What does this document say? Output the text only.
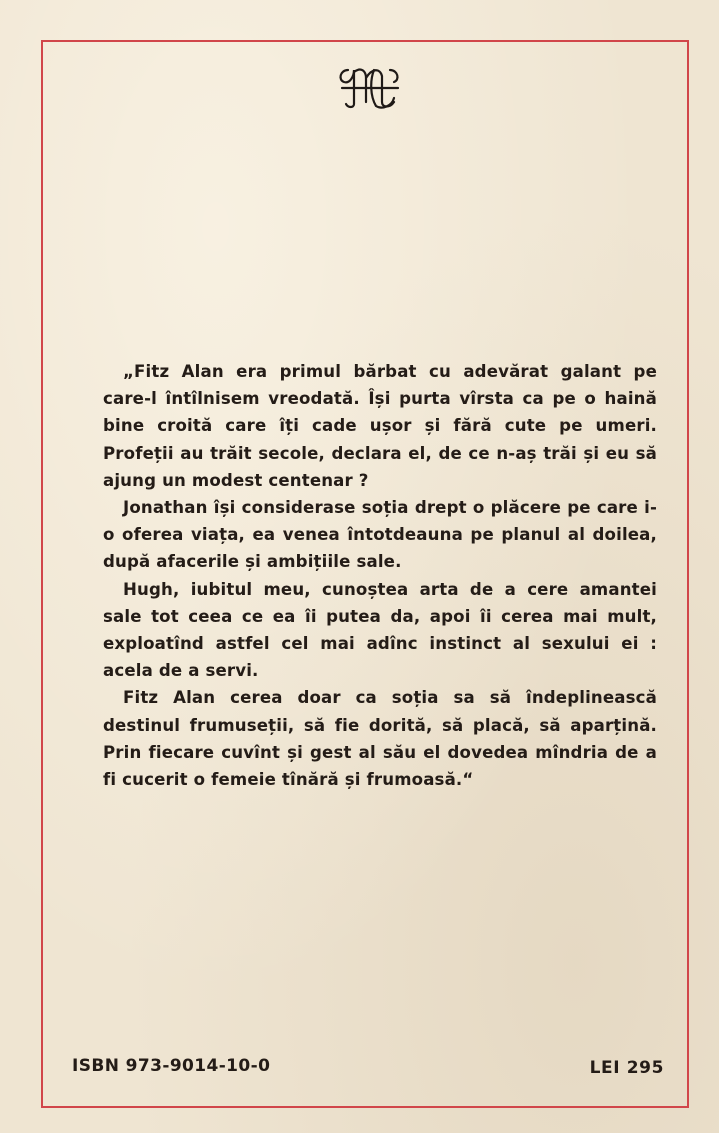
„Fitz Alan era primul bărbat cu adevărat galant pe care-l întîlnisem vreodată. Își purta vîrsta ca pe o haină bine croită care îți cade ușor și fără cute pe umeri. Profeții au trăit secole, declara el, de ce n-aș trăi și eu să ajung un modest centenar ?

Jonathan își considerase soția drept o plăcere pe care i-o oferea viața, ea venea întotdeauna pe planul al doilea, după afacerile și ambițiile sale.

Hugh, iubitul meu, cunoștea arta de a cere amantei sale tot ceea ce ea îi putea da, apoi îi cerea mai mult, exploatînd astfel cel mai adînc instinct al sexului ei : acela de a servi.

Fitz Alan cerea doar ca soția sa să îndeplinească destinul frumuseții, să fie dorită, să placă, să aparțină. Prin fiecare cuvînt și gest al său el dovedea mîndria de a fi cucerit o femeie tînără și frumoasă.“

ISBN 973-9014-10-0	LEI 295
